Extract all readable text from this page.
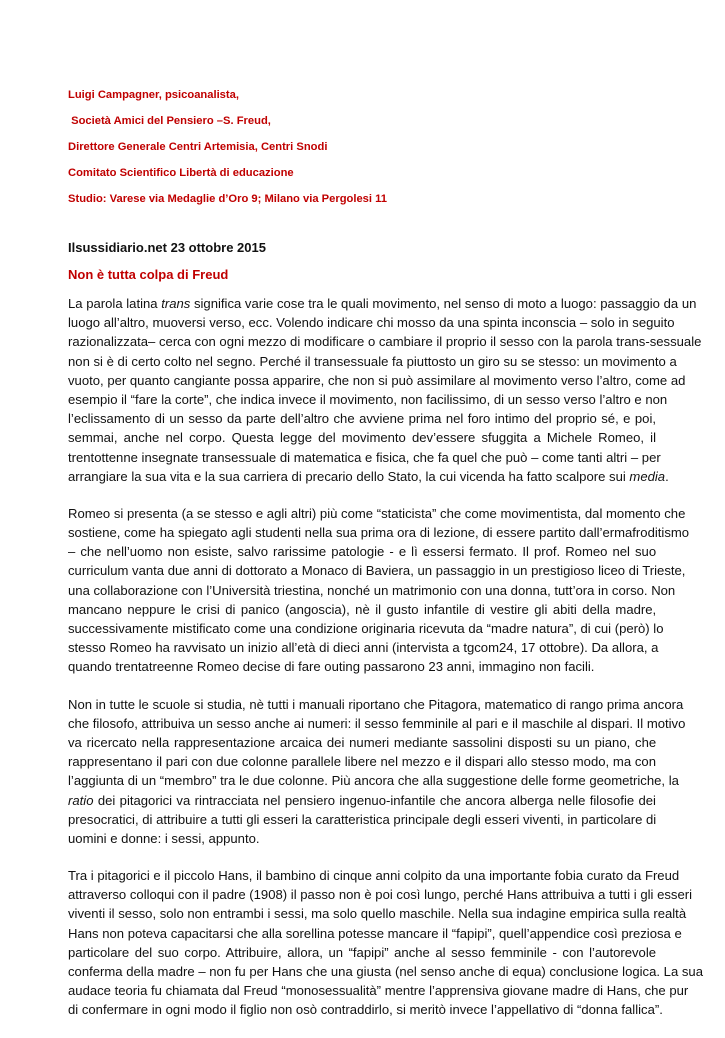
Luigi Campagner, psicoanalista,
Società Amici del Pensiero –S. Freud,
Direttore Generale Centri Artemisia, Centri Snodi
Comitato Scientifico Libertà di educazione
Studio: Varese via Medaglie d’Oro 9; Milano via Pergolesi 11
Ilsussidiario.net 23 ottobre 2015
Non è tutta colpa di Freud
La parola latina trans significa varie cose tra le quali movimento, nel senso di moto a luogo: passaggio da un
luogo all’altro, muoversi verso, ecc. Volendo indicare chi mosso da una spinta inconscia – solo in seguito
razionalizzata– cerca con ogni mezzo di modificare o cambiare il proprio il sesso con la parola trans-sessuale
non si è di certo colto nel segno. Perché il transessuale fa piuttosto un giro su se stesso: un movimento a
vuoto, per quanto cangiante possa apparire, che non si può assimilare al movimento verso l’altro, come ad
esempio il “fare la corte”, che indica invece il movimento, non facilissimo, di un sesso verso l’altro e non
l’eclissamento di un sesso da parte dell’altro che avviene prima nel foro intimo del proprio sé, e poi,
semmai, anche nel corpo. Questa legge del movimento dev’essere sfuggita a Michele Romeo, il
trentottenne insegnate transessuale di matematica e fisica, che fa quel che può – come tanti altri – per
arrangiare la sua vita e la sua carriera di precario dello Stato, la cui vicenda ha fatto scalpore sui media.
Romeo si presenta (a se stesso e agli altri) più come “staticista” che come movimentista, dal momento che
sostiene, come ha spiegato agli studenti nella sua prima ora di lezione, di essere partito dall’ermafroditismo
– che nell’uomo non esiste, salvo rarissime patologie - e lì essersi fermato. Il prof. Romeo nel suo
curriculum vanta due anni di dottorato a Monaco di Baviera, un passaggio in un prestigioso liceo di Trieste,
una collaborazione con l’Università triestina, nonché un matrimonio con una donna, tutt’ora in corso. Non
mancano neppure le crisi di panico (angoscia), nè il gusto infantile di vestire gli abiti della madre,
successivamente mistificato come una condizione originaria ricevuta da “madre natura”, di cui (però) lo
stesso Romeo ha ravvisato un inizio all’età di dieci anni (intervista a tgcom24, 17 ottobre). Da allora, a
quando trentatreenne Romeo decise di fare outing passarono 23 anni, immagino non facili.
Non in tutte le scuole si studia, nè tutti i manuali riportano che Pitagora, matematico di rango prima ancora
che filosofo, attribuiva un sesso anche ai numeri: il sesso femminile al pari e il maschile al dispari. Il motivo
va ricercato nella rappresentazione arcaica dei numeri mediante sassolini disposti su un piano, che
rappresentano il pari con due colonne parallele libere nel mezzo e il dispari allo stesso modo, ma con
l’aggiunta di un “membro” tra le due colonne. Più ancora che alla suggestione delle forme geometriche, la
ratio dei pitagorici va rintracciata nel pensiero ingenuo-infantile che ancora alberga nelle filosofie dei
presocratici, di attribuire a tutti gli esseri la caratteristica principale degli esseri viventi, in particolare di
uomini e donne: i sessi, appunto.
Tra i pitagorici e il piccolo Hans, il bambino di cinque anni colpito da una importante fobia curato da Freud
attraverso colloqui con il padre (1908) il passo non è poi così lungo, perché Hans attribuiva a tutti i gli esseri
viventi il sesso, solo non entrambi i sessi, ma solo quello maschile. Nella sua indagine empirica sulla realtà
Hans non poteva capacitarsi che alla sorellina potesse mancare il “fapipi”, quell’appendice così preziosa e
particolare del suo corpo. Attribuire, allora, un “fapipi” anche al sesso femminile - con l’autorevole
conferma della madre – non fu per Hans che una giusta (nel senso anche di equa) conclusione logica. La sua
audace teoria fu chiamata dal Freud “monosessualità” mentre l’apprensiva giovane madre di Hans, che pur
di confermare in ogni modo il figlio non osò contraddirlo, si meritò invece l’appellativo di “donna fallica”.
